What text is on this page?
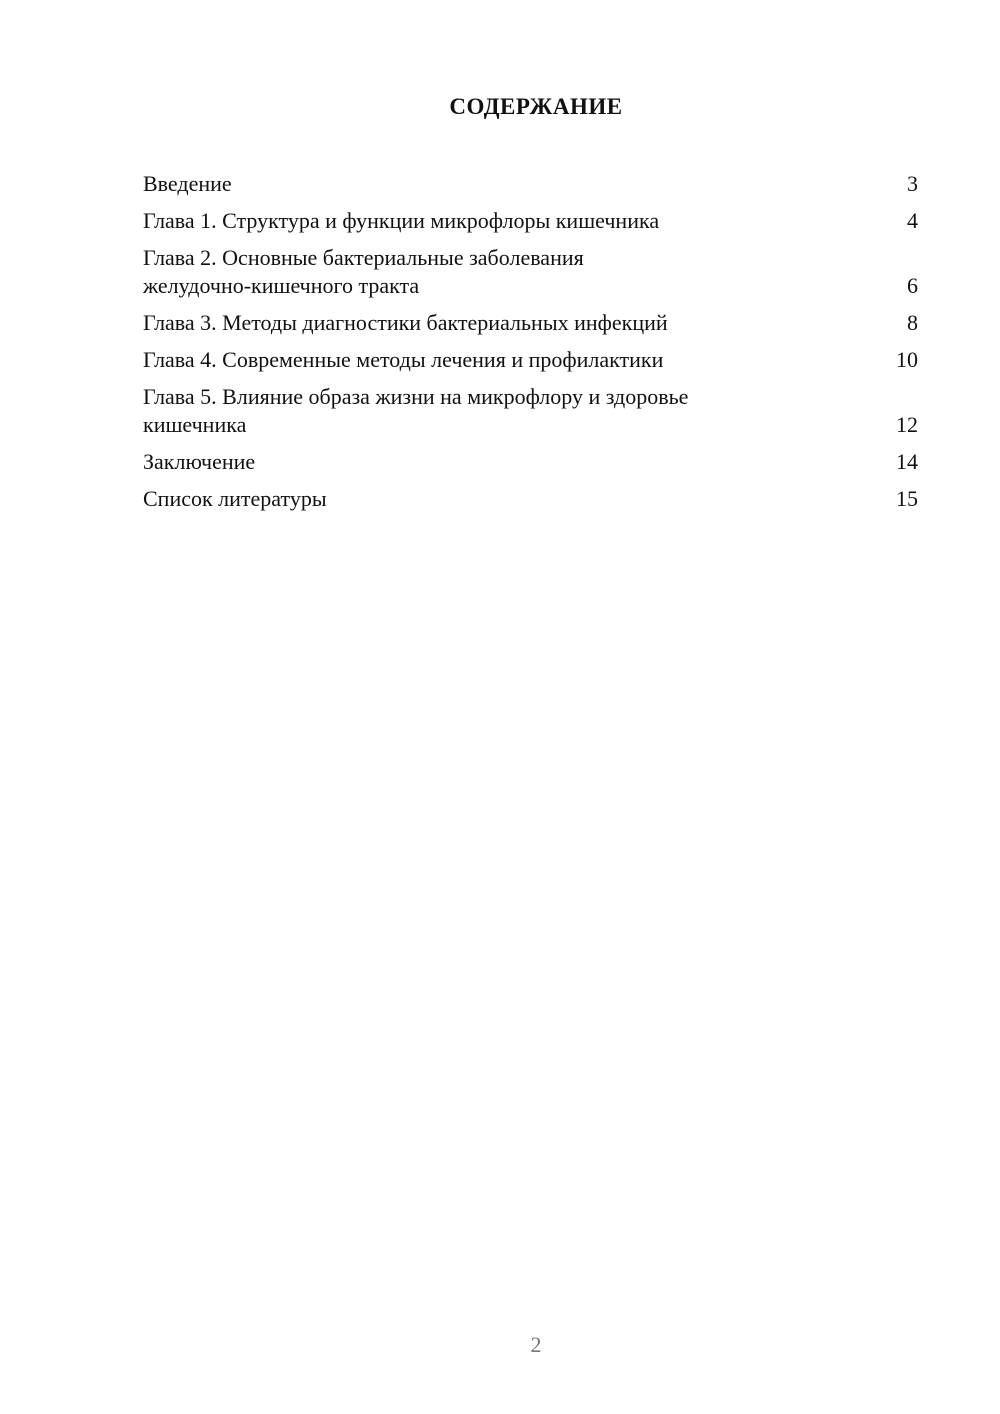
СОДЕРЖАНИЕ
Введение	3
Глава 1. Структура и функции микрофлоры кишечника	4
Глава 2. Основные бактериальные заболевания
желудочно-кишечного тракта	6
Глава 3. Методы диагностики бактериальных инфекций	8
Глава 4. Современные методы лечения и профилактики	10
Глава 5. Влияние образа жизни на микрофлору и здоровье
кишечника	12
Заключение	14
Список литературы	15
2
